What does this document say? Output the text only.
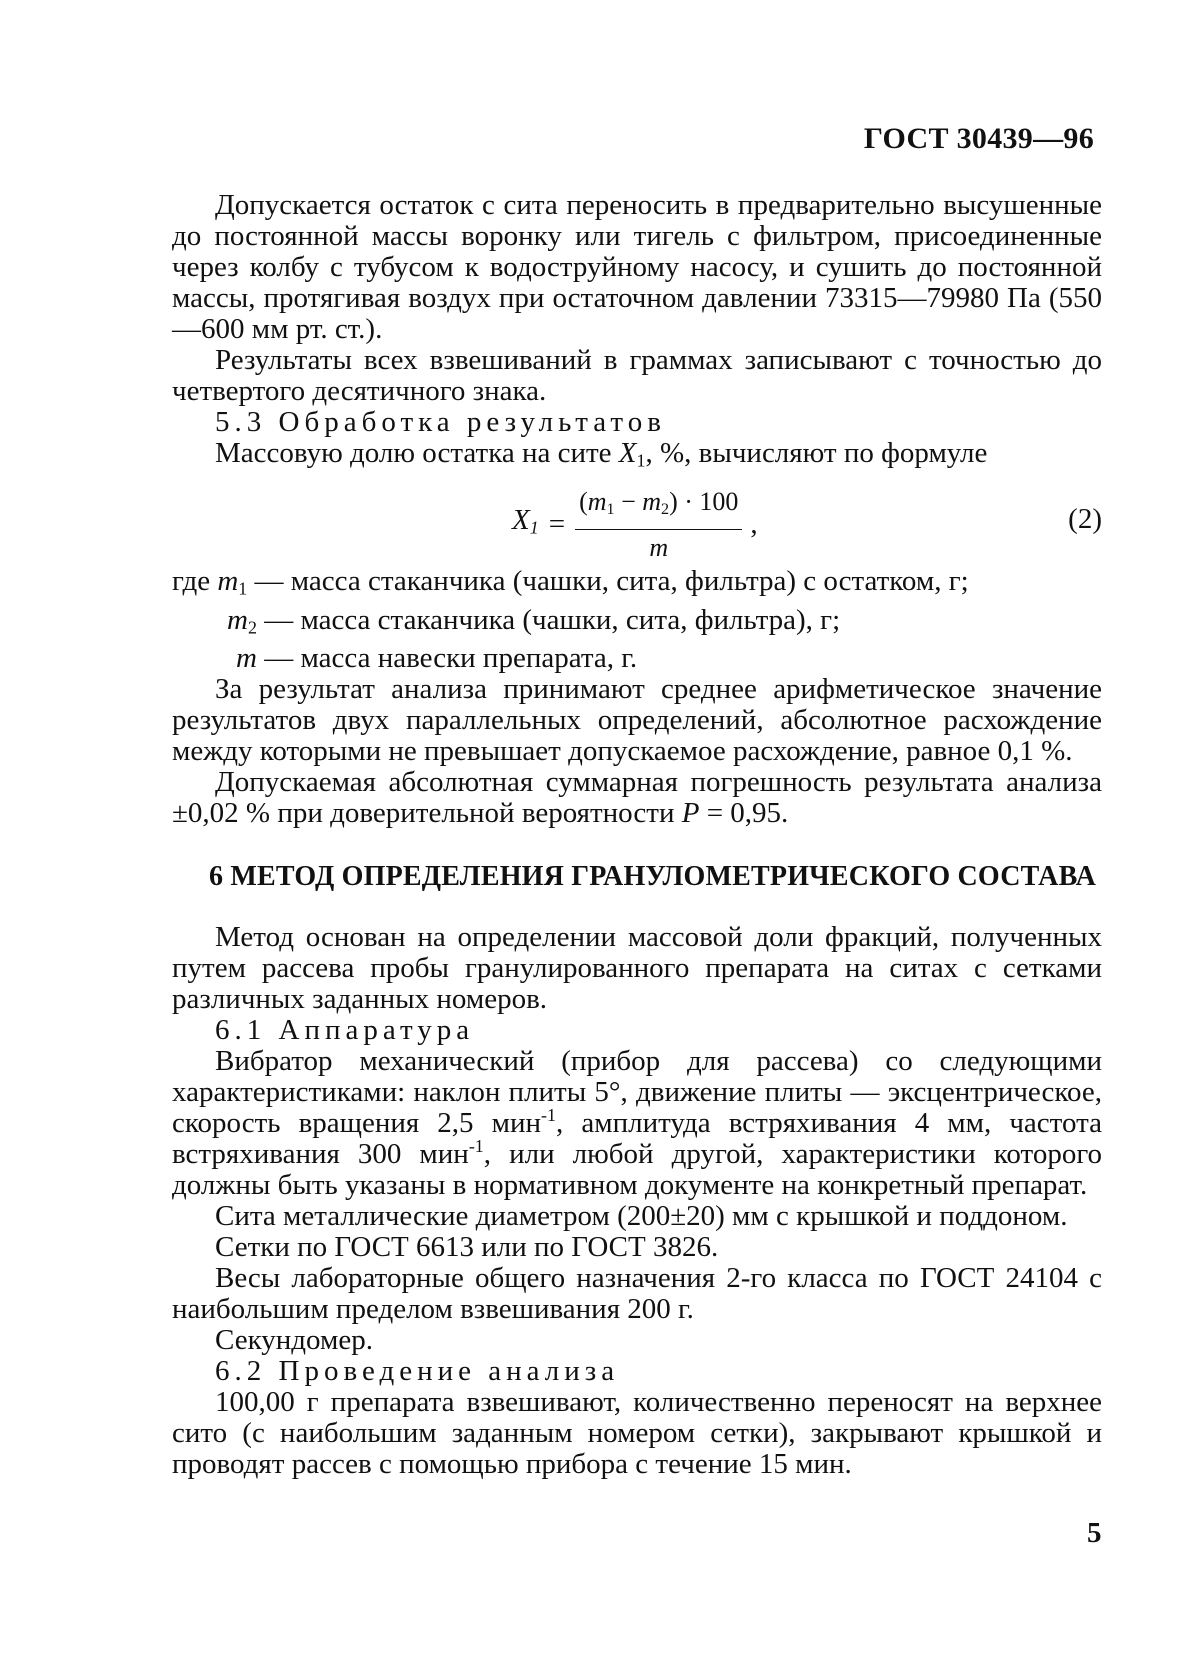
ГОСТ 30439—96

Допускается остаток с сита переносить в предварительно высушенные до постоянной массы воронку или тигель с фильтром, присоединенные через колбу с тубусом к водоструйному насосу, и сушить до постоянной массы, протягивая воздух при остаточном давлении 73315—79980 Па (550—600 мм рт. ст.).

Результаты всех взвешиваний в граммах записывают с точностью до четвертого десятичного знака.

5.3 Обработка результатов

Массовую долю остатка на сите $X_1$, %, вычисляют по формуле

$X_1 = \frac{(m_1 - m_2) \cdot 100}{m}$ ,	(2)

где $m_1$ — масса стаканчика (чашки, сита, фильтра) с остатком, г;

$m_2$ — масса стаканчика (чашки, сита, фильтра), г;

m — масса навески препарата, г.

За результат анализа принимают среднее арифметическое значение результатов двух параллельных определений, абсолютное расхождение между которыми не превышает допускаемое расхождение, равное 0,1 %.

Допускаемая абсолютная суммарная погрешность результата анализа ±0,02 % при доверительной вероятности P = 0,95.

6 МЕТОД ОПРЕДЕЛЕНИЯ ГРАНУЛОМЕТРИЧЕСКОГО СОСТАВА

Метод основан на определении массовой доли фракций, полученных путем рассева пробы гранулированного препарата на ситах с сетками различных заданных номеров.

6.1 Аппаратура

Вибратор механический (прибор для рассева) со следующими характеристиками: наклон плиты 5°, движение плиты — эксцентрическое, скорость вращения 2,5 мин$^{-1}$, амплитуда встряхивания 4 мм, частота встряхивания 300 мин$^{-1}$, или любой другой, характеристики которого должны быть указаны в нормативном документе на конкретный препарат.

Сита металлические диаметром (200±20) мм с крышкой и поддоном.

Сетки по ГОСТ 6613 или по ГОСТ 3826.

Весы лабораторные общего назначения 2-го класса по ГОСТ 24104 с наибольшим пределом взвешивания 200 г.

Секундомер.

6.2 Проведение анализа

100,00 г препарата взвешивают, количественно переносят на верхнее сито (с наибольшим заданным номером сетки), закрывают крышкой и проводят рассев с помощью прибора с течение 15 мин.

5
